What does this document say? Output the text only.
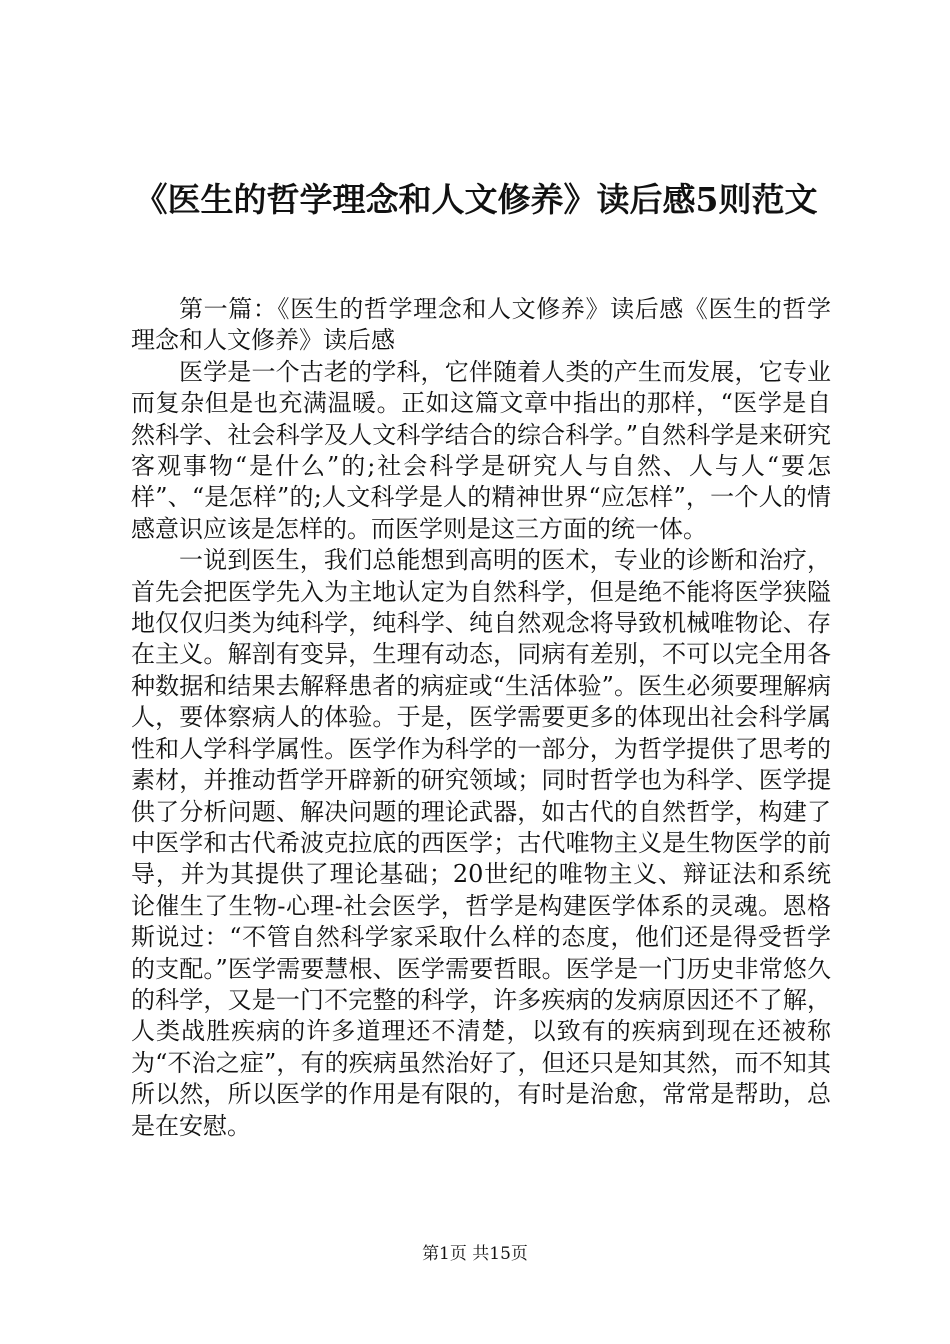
《医生的哲学理念和人文修养》读后感5则范文

第一篇：《医生的哲学理念和人文修养》读后感《医生的哲学理念和人文修养》读后感

医学是一个古老的学科，它伴随着人类的产生而发展，它专业而复杂但是也充满温暖。正如这篇文章中指出的那样，“医学是自然科学、社会科学及人文科学结合的综合科学。”自然科学是来研究客观事物“是什么”的;社会科学是研究人与自然、人与人“要怎样”、“是怎样”的;人文科学是人的精神世界“应怎样”，一个人的情感意识应该是怎样的。而医学则是这三方面的统一体。

一说到医生，我们总能想到高明的医术，专业的诊断和治疗，首先会把医学先入为主地认定为自然科学，但是绝不能将医学狭隘地仅仅归类为纯科学，纯科学、纯自然观念将导致机械唯物论、存在主义。解剖有变异，生理有动态，同病有差别，不可以完全用各种数据和结果去解释患者的病症或“生活体验”。医生必须要理解病人，要体察病人的体验。于是，医学需要更多的体现出社会科学属性和人学科学属性。医学作为科学的一部分，为哲学提供了思考的素材，并推动哲学开辟新的研究领域；同时哲学也为科学、医学提供了分析问题、解决问题的理论武器，如古代的自然哲学，构建了中医学和古代希波克拉底的西医学；古代唯物主义是生物医学的前导，并为其提供了理论基础；20世纪的唯物主义、辩证法和系统论催生了生物-心理-社会医学，哲学是构建医学体系的灵魂。恩格斯说过：“不管自然科学家采取什么样的态度，他们还是得受哲学的支配。”医学需要慧根、医学需要哲眼。医学是一门历史非常悠久的科学，又是一门不完整的科学，许多疾病的发病原因还不了解，人类战胜疾病的许多道理还不清楚，以致有的疾病到现在还被称为“不治之症”，有的疾病虽然治好了，但还只是知其然，而不知其所以然，所以医学的作用是有限的，有时是治愈，常常是帮助，总是在安慰。

第1页 共15页
